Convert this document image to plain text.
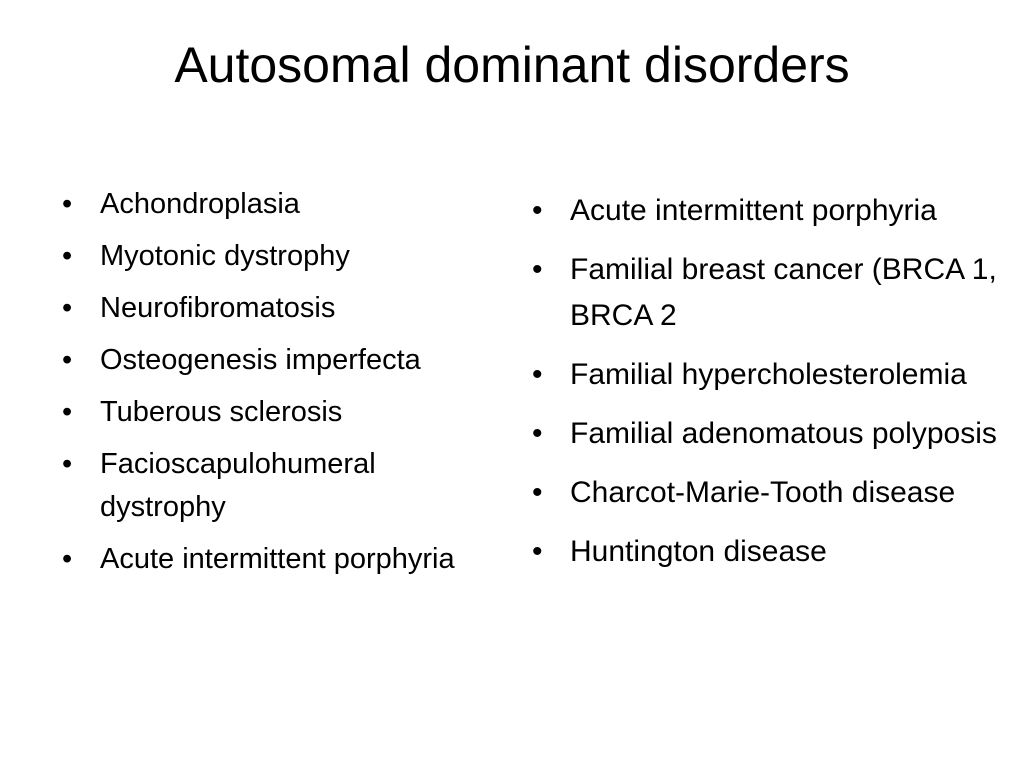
Autosomal dominant disorders
• Achondroplasia
• Myotonic dystrophy
• Neurofibromatosis
• Osteogenesis imperfecta
• Tuberous sclerosis
• Facioscapulohumeral dystrophy
• Acute intermittent porphyria
• Acute intermittent porphyria
• Familial breast cancer (BRCA 1, BRCA 2
• Familial hypercholesterolemia
• Familial adenomatous polyposis
• Charcot-Marie-Tooth disease
• Huntington disease
